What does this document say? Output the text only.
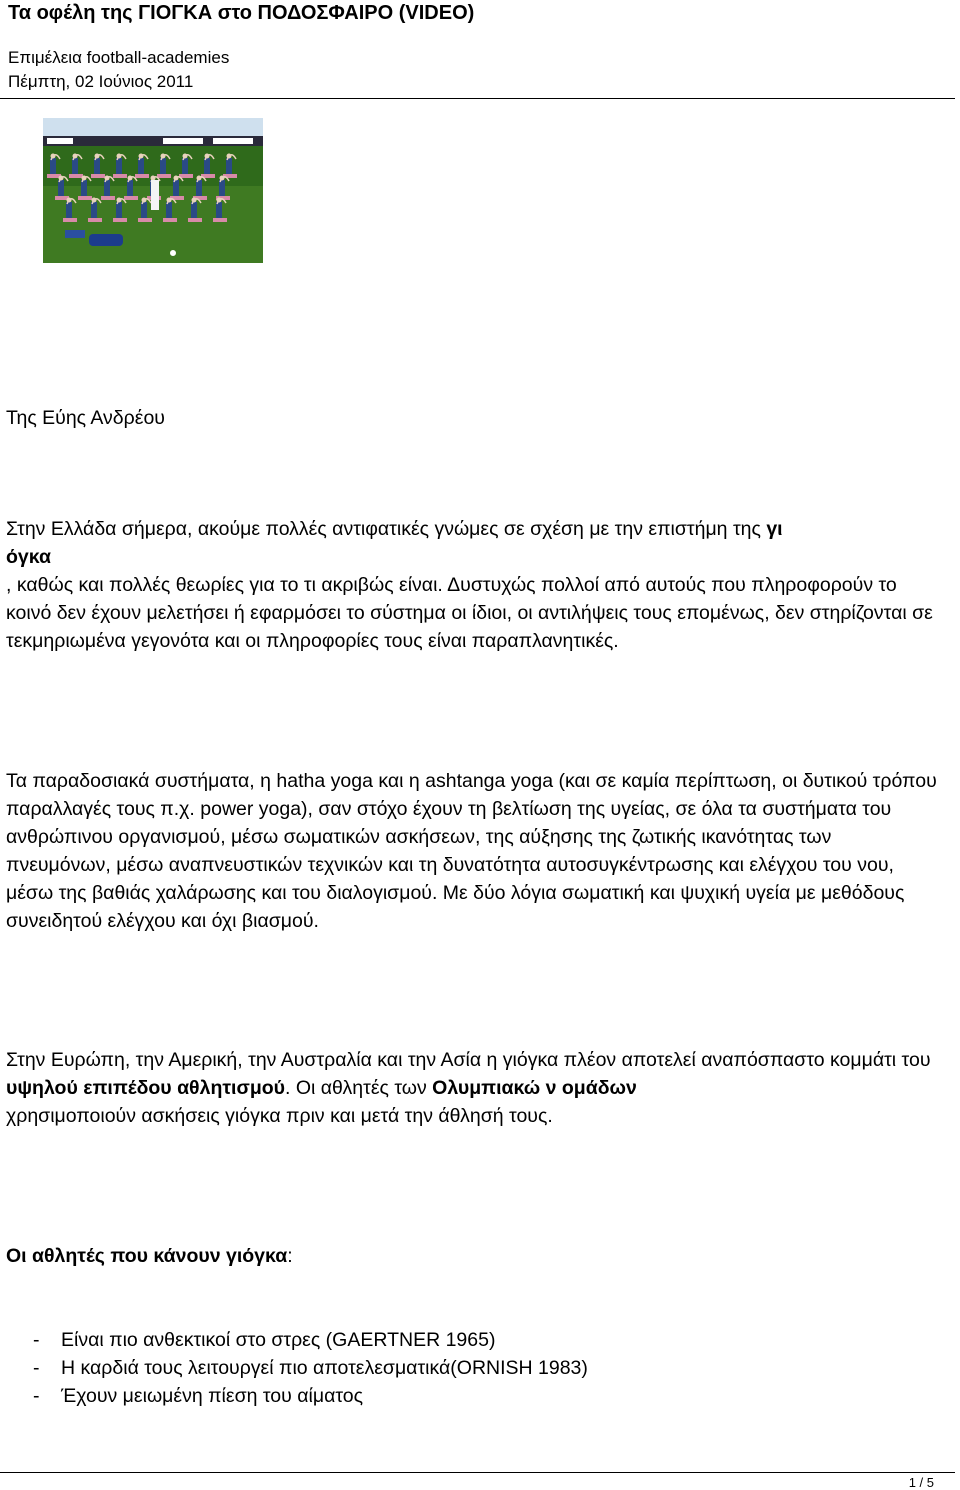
Τα οφέλη της ΓΙΟΓΚΑ στο ΠΟΔΟΣΦΑΙΡΟ (VIDEO)
Επιμέλεια football-academies
Πέμπτη, 02 Ιούνιος 2011
Της Εύης Ανδρέου
Στην Ελλάδα σήμερα, ακούμε πολλές αντιφατικές γνώμες σε σχέση με την επιστήμη της γι
όγκα
, καθώς και πολλές θεωρίες για το τι ακριβώς είναι. Δυστυχώς πολλοί από αυτούς που πληροφορούν το κοινό δεν έχουν μελετήσει ή εφαρμόσει το σύστημα οι ίδιοι, οι αντιλήψεις τους επομένως, δεν στηρίζονται σε τεκμηριωμένα γεγονότα και οι πληροφορίες τους είναι παραπλανητικές.
Τα παραδοσιακά συστήματα, η hatha yoga και η ashtanga yoga (και σε καμία περίπτωση, οι δυτικού τρόπου παραλλαγές τους π.χ. power yoga), σαν στόχο έχουν τη βελτίωση της υγείας, σε όλα τα συστήματα του ανθρώπινου οργανισμού, μέσω σωματικών ασκήσεων, της αύξησης της ζωτικής ικανότητας των πνευμόνων, μέσω αναπνευστικών τεχνικών και τη δυνατότητα αυτοσυγκέντρωσης και ελέγχου του νου, μέσω της βαθιάς χαλάρωσης και του διαλογισμού. Με δύο λόγια σωματική και ψυχική υγεία με μεθόδους συνειδητού ελέγχου και όχι βιασμού.
Στην Ευρώπη, την Αμερική, την Αυστραλία και την Ασία η γιόγκα πλέον αποτελεί αναπόσπαστο κομμάτι του υψηλού επιπέδου αθλητισμού. Οι αθλητές των Ολυμπιακώ ν ομάδων
χρησιμοποιούν ασκήσεις γιόγκα πριν και μετά την άθλησή τους.
Οι αθλητές που κάνουν γιόγκα:
- Είναι πιο ανθεκτικοί στο στρες (GAERTNER 1965)
- Η καρδιά τους λειτουργεί πιο αποτελεσματικά(ORNISH 1983)
- Έχουν μειωμένη πίεση του αίματος
1 / 5
